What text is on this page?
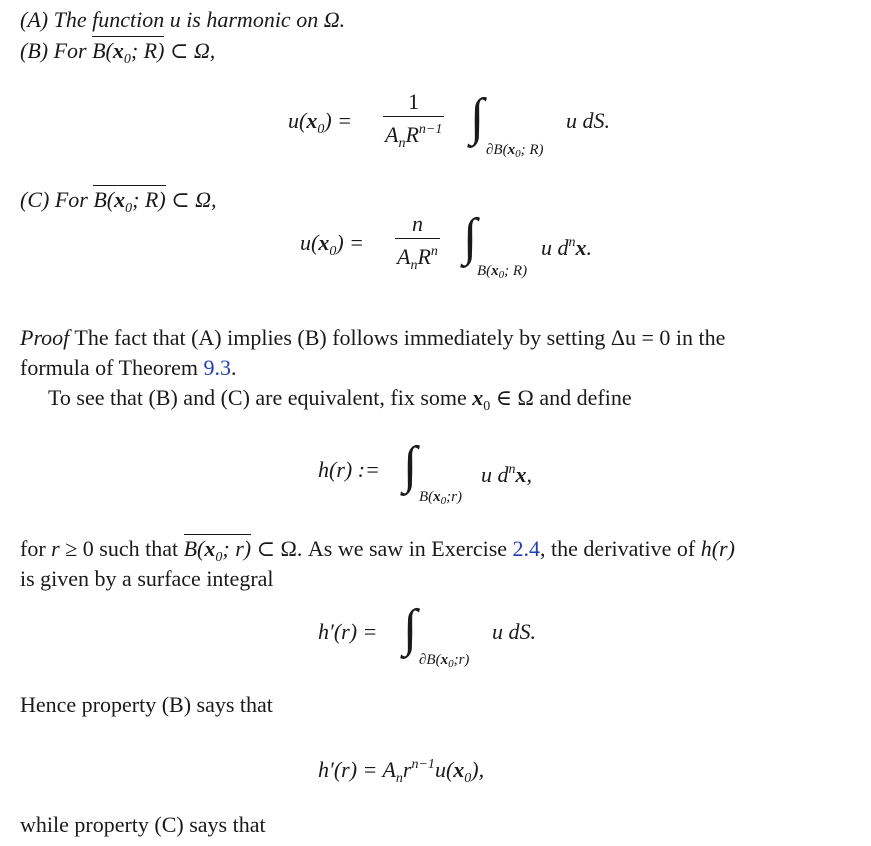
(A) The function u is harmonic on Ω.
(B) For $B(x_0$; R) ⊂ Ω,
$u(x_0)$ =
1
$A_nR^{n-1}$ ∫
$\partial B(x_0$; R)
u dS.
(C) For $B(x_0$; R) ⊂ Ω,
$u(x_0)$ =
n
$A_nR^n$ ∫
$B(x_0$; R)
u $d^nx$.
Proof The fact that (A) implies (B) follows immediately by setting Δu = 0 in the
formula of Theorem 9.3.
To see that (B) and (C) are equivalent, fix some $x_0$ ∈ Ω and define
h(r) := ∫
$B(x_0;r)$
u $d^nx$,
for r ≥ 0 such that $B(x_0$; r) ⊂ Ω. As we saw in Exercise 2.4, the derivative of h(r)
is given by a surface integral
h′(r) = ∫
$\partial B(x_0;r)$
u dS.
Hence property (B) says that
$h'(r) = A_nr^{n-1}u(x_0)$,
while property (C) says that
